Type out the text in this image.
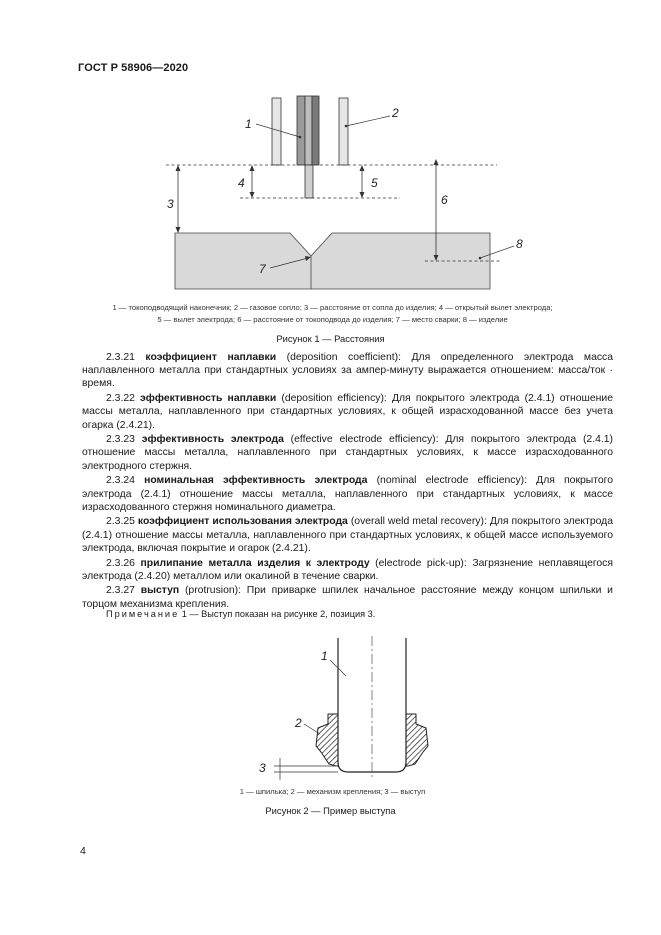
ГОСТ Р 58906—2020
1
2
3
4	5
6
7
8
1 — токоподводящий наконечник; 2 — газовое сопло; 3 — расстояние от сопла до изделия; 4 — открытый вылет электрода;
5 — вылет электрода; 6 — расстояние от токоподвода до изделия; 7 — место сварки; 8 — изделие
Рисунок 1 — Расстояния

2.3.21 коэффициент наплавки (deposition coefficient): Для определенного электрода масса наплавленного металла при стандартных условиях за ампер-минуту выражается отношением: масса/ток · время.

2.3.22 эффективность наплавки (deposition efficiency): Для покрытого электрода (2.4.1) отношение массы металла, наплавленного при стандартных условиях, к общей израсходованной массе без учета огарка (2.4.21).

2.3.23 эффективность электрода (effective electrode efficiency): Для покрытого электрода (2.4.1) отношение массы металла, наплавленного при стандартных условиях, к массе израсходованного электродного стержня.

2.3.24 номинальная эффективность электрода (nominal electrode efficiency): Для покрытого электрода (2.4.1) отношение массы металла, наплавленного при стандартных условиях, к массе израсходованного стержня номинального диаметра.

2.3.25 коэффициент использования электрода (overall weld metal recovery): Для покрытого электрода (2.4.1) отношение массы металла, наплавленного при стандартных условиях, к общей массе используемого электрода, включая покрытие и огарок (2.4.21).

2.3.26 прилипание металла изделия к электроду (electrode pick-up): Загрязнение неплавящегося электрода (2.4.20) металлом или окалиной в течение сварки.

2.3.27 выступ (protrusion): При приварке шпилек начальное расстояние между концом шпильки и торцом механизма крепления.

Примечание 1 — Выступ показан на рисунке 2, позиция 3.
1
2
3
1 — шпилька; 2 — механизм крепления; 3 — выступ
Рисунок 2 — Пример выступа
4
